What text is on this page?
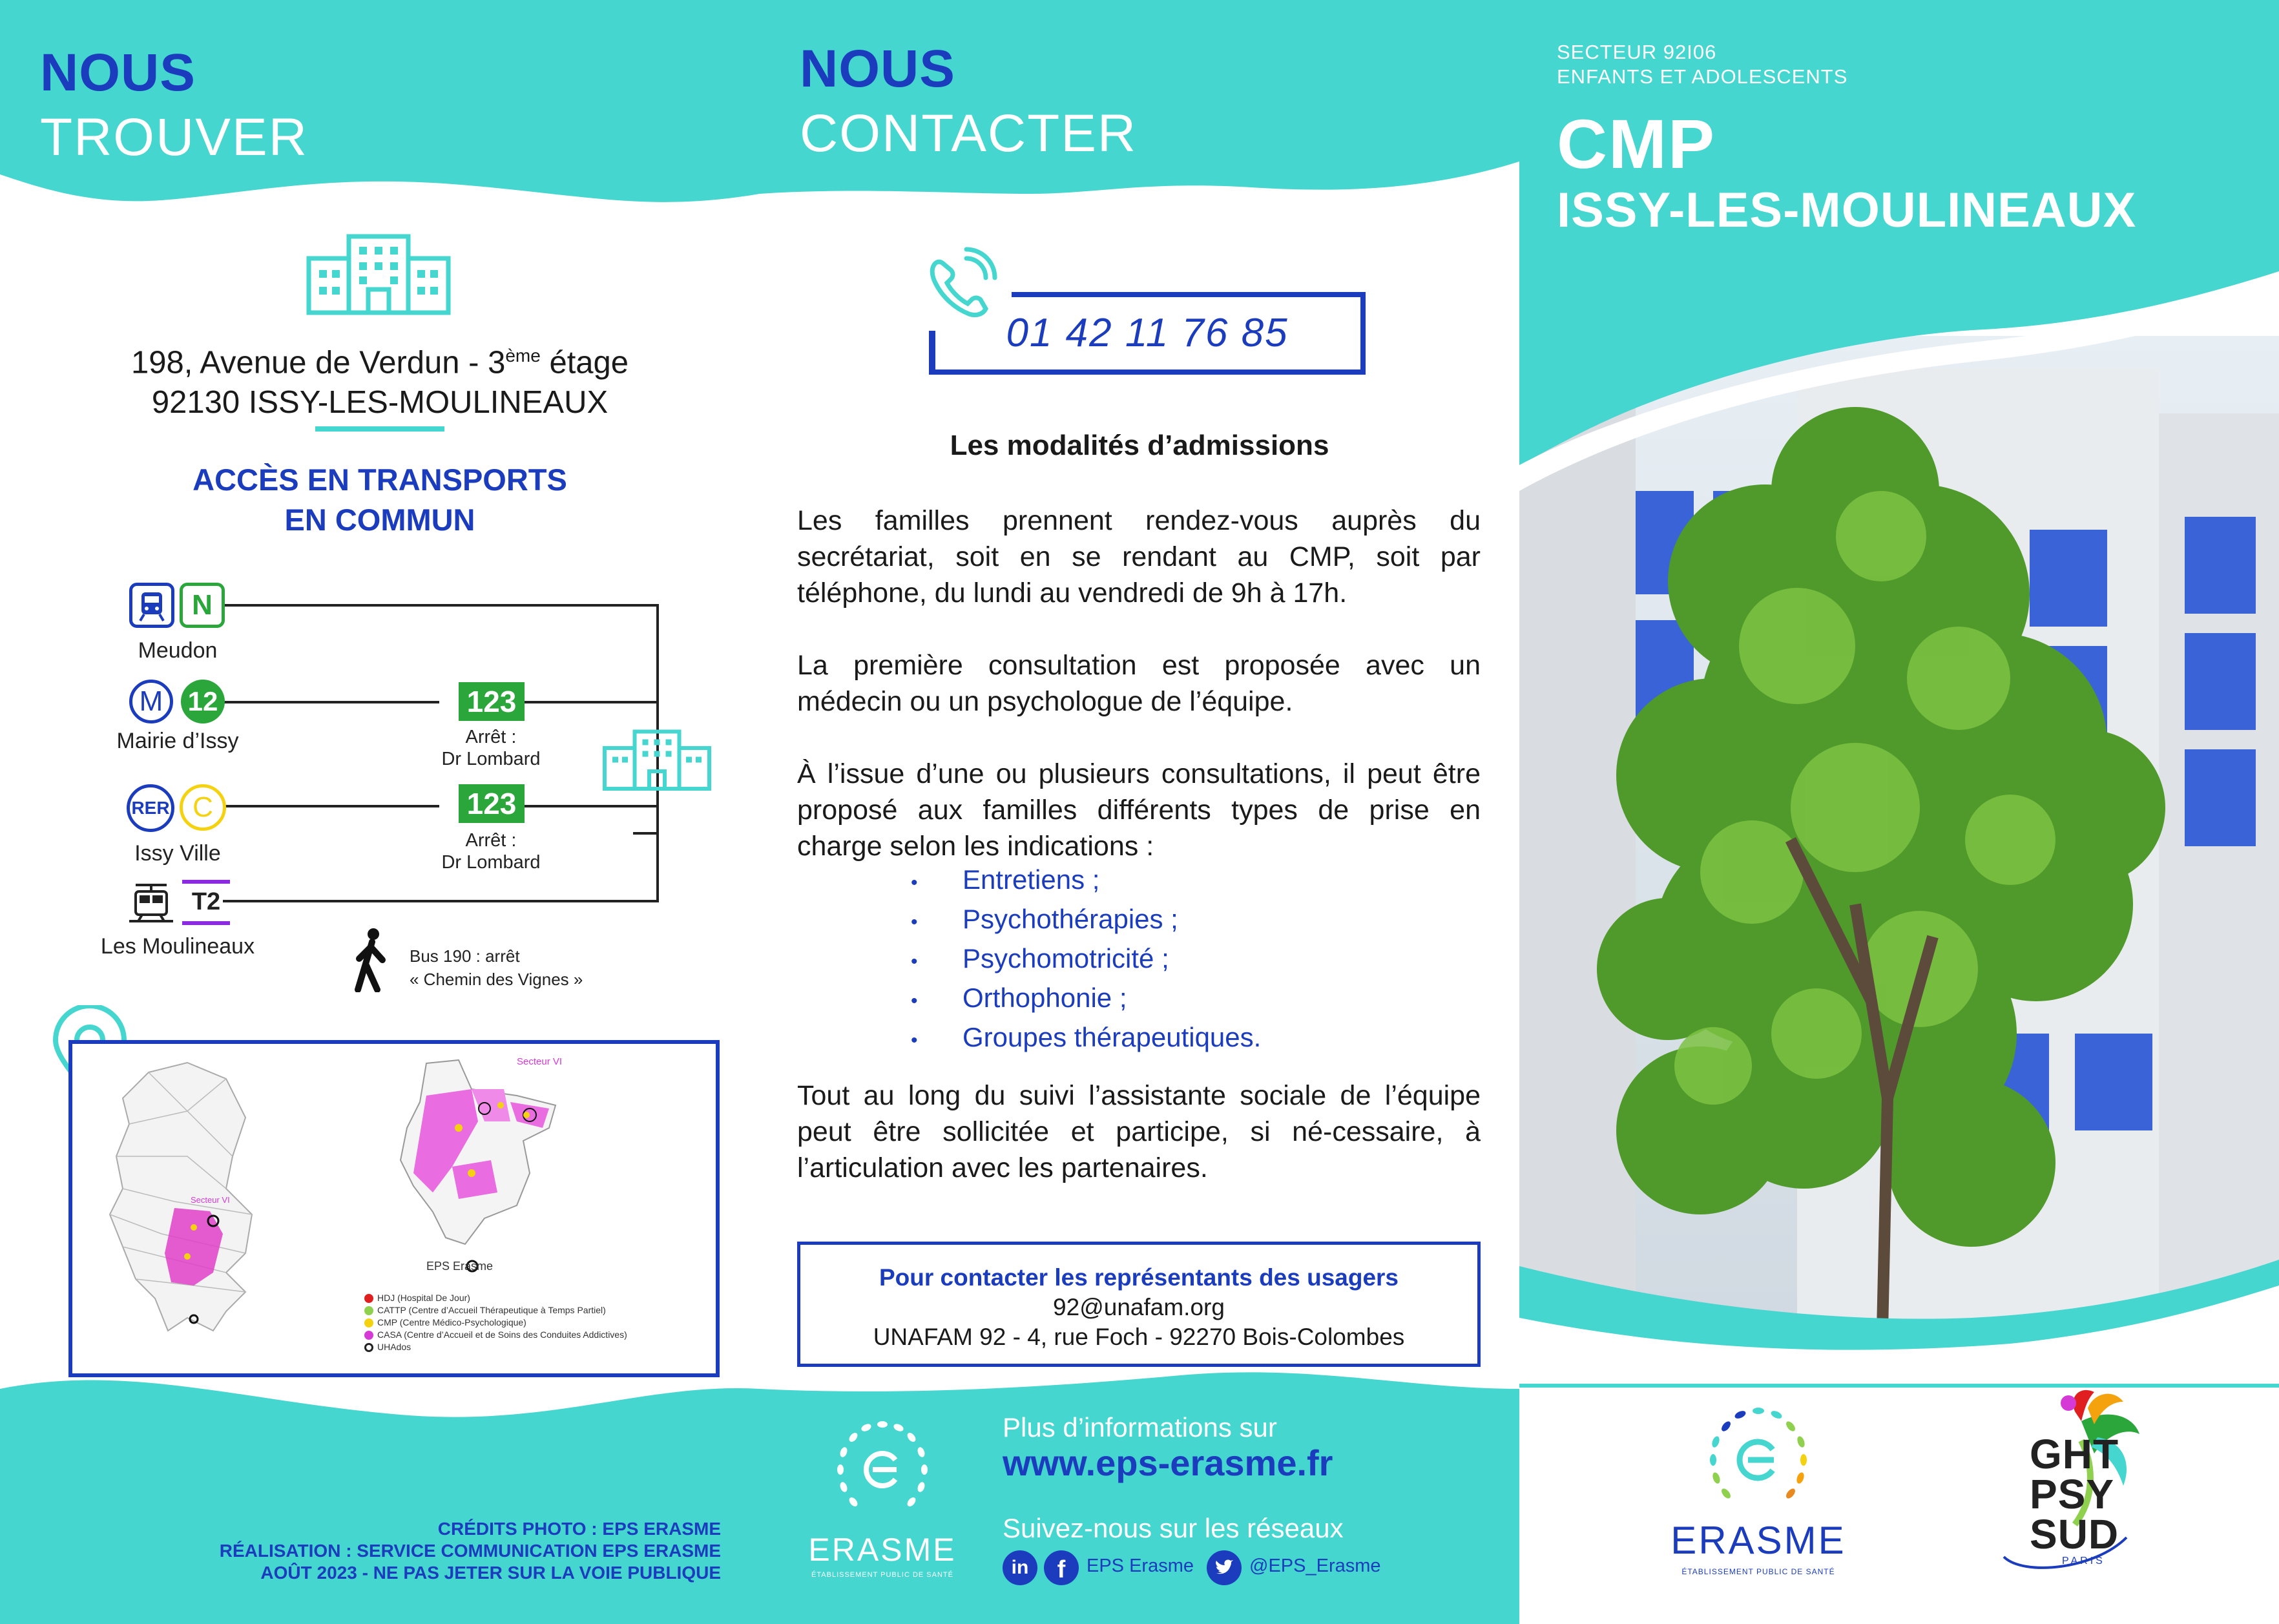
NOUS
TROUVER
198, Avenue de Verdun - 3ème étage
92130 ISSY-LES-MOULINEAUX
ACCÈS EN TRANSPORTS
EN COMMUN
N
Meudon
M 12
Mairie d’Issy
123
Arrêt :
Dr Lombard
RER C
Issy Ville
123
Arrêt :
Dr Lombard
T2
Les Moulineaux	Bus 190 : arrêt
« Chemin des Vignes »
Secteur VI
Secteur VI
EPS Erasme
HDJ (Hospital De Jour)
CATTP (Centre d’Accueil Thérapeutique à Temps Partiel)
CMP (Centre Médico-Psychologique)
CASA (Centre d’Accueil et de Soins des Conduites Addictives)
UHAdos
CRÉDITS PHOTO : EPS ERASME
RÉALISATION : SERVICE COMMUNICATION EPS ERASME
AOÛT 2023 - NE PAS JETER SUR LA VOIE PUBLIQUE
NOUS
CONTACTER
01 42 11 76 85
Les modalités d’admissions
Les familles prennent rendez-vous auprès du secrétariat, soit en se rendant au CMP, soit par téléphone, du lundi au vendredi de 9h à 17h.
La première consultation est proposée avec un médecin ou un psychologue de l’équipe.
À l’issue d’une ou plusieurs consultations, il peut être proposé aux familles différents types de prise en charge selon les indications :
• Entretiens ;
• Psychothérapies ;
• Psychomotricité ;
• Orthophonie ;
• Groupes thérapeutiques.
Tout au long du suivi l’assistante sociale de l’équipe peut être sollicitée et participe, si né-cessaire, à l’articulation avec les partenaires.
Pour contacter les représentants des usagers
92@unafam.org
UNAFAM 92 - 4, rue Foch - 92270 Bois-Colombes
ERASME
ÉTABLISSEMENT PUBLIC DE SANTÉ
Plus d’informations sur
www.eps-erasme.fr
Suivez-nous sur les réseaux
in	f	EPS Erasme	@EPS_Erasme
SECTEUR 92I06
ENFANTS ET ADOLESCENTS
CMP
ISSY-LES-MOULINEAUX
ERASME
ÉTABLISSEMENT PUBLIC DE SANTÉ
GHT
PSY
SUD
PARIS
